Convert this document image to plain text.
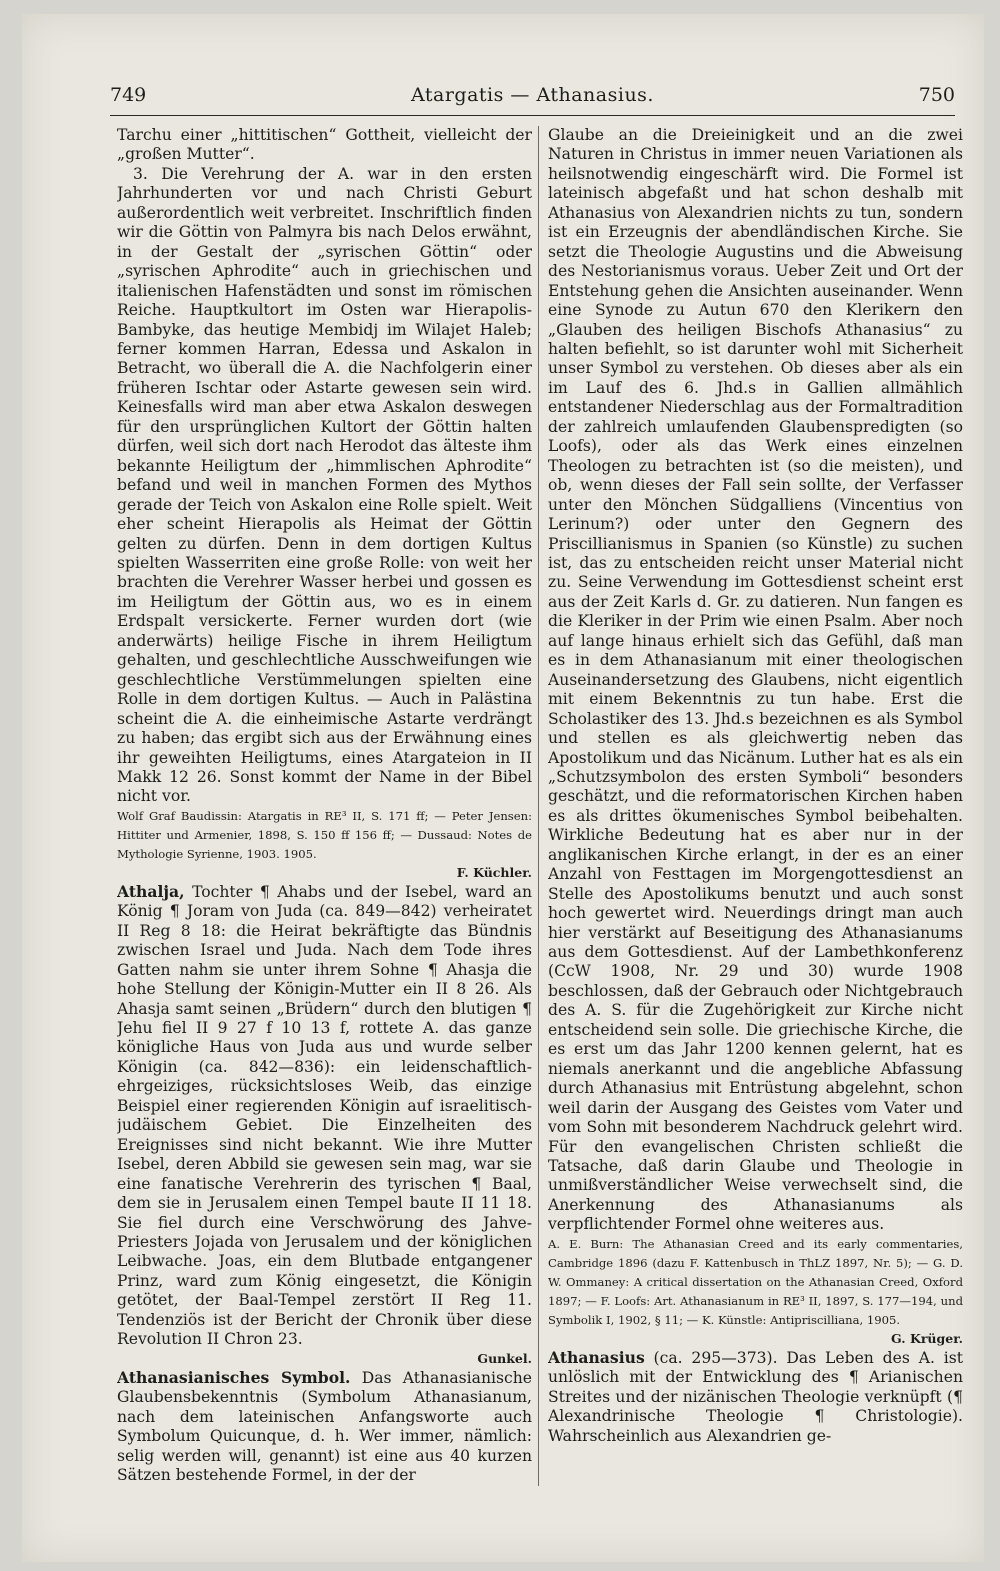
749	Atargatis — Athanasius.	750

Tarchu einer „hittitischen“ Gottheit, vielleicht der „großen Mutter“.

3. Die Verehrung der A. war in den ersten Jahrhunderten vor und nach Christi Geburt außerordentlich weit verbreitet. Inschriftlich finden wir die Göttin von Palmyra bis nach Delos erwähnt, in der Gestalt der „syrischen Göttin“ oder „syrischen Aphrodite“ auch in griechischen und italienischen Hafenstädten und sonst im römischen Reiche. Hauptkultort im Osten war Hierapolis-Bambyke, das heutige Membidj im Wilajet Haleb; ferner kommen Harran, Edessa und Askalon in Betracht, wo überall die A. die Nachfolgerin einer früheren Ischtar oder Astarte gewesen sein wird. Keinesfalls wird man aber etwa Askalon deswegen für den ursprünglichen Kultort der Göttin halten dürfen, weil sich dort nach Herodot das älteste ihm bekannte Heiligtum der „himmlischen Aphrodite“ befand und weil in manchen Formen des Mythos gerade der Teich von Askalon eine Rolle spielt. Weit eher scheint Hierapolis als Heimat der Göttin gelten zu dürfen. Denn in dem dortigen Kultus spielten Wasserriten eine große Rolle: von weit her brachten die Verehrer Wasser herbei und gossen es im Heiligtum der Göttin aus, wo es in einem Erdspalt versickerte. Ferner wurden dort (wie anderwärts) heilige Fische in ihrem Heiligtum gehalten, und geschlechtliche Ausschweifungen wie geschlechtliche Verstümmelungen spielten eine Rolle in dem dortigen Kultus. — Auch in Palästina scheint die A. die einheimische Astarte verdrängt zu haben; das ergibt sich aus der Erwähnung eines ihr geweihten Heiligtums, eines Atargateion in II Makk 12 26. Sonst kommt der Name in der Bibel nicht vor.

Wolf Graf Baudissin: Atargatis in RE³ II, S. 171 ff; — Peter Jensen: Hittiter und Armenier, 1898, S. 150 ff 156 ff; — Dussaud: Notes de Mythologie Syrienne, 1903. 1905.

F. Küchler.

Athalja, Tochter ¶ Ahabs und der Isebel, ward an König ¶ Joram von Juda (ca. 849—842) verheiratet II Reg 8 18: die Heirat bekräftigte das Bündnis zwischen Israel und Juda. Nach dem Tode ihres Gatten nahm sie unter ihrem Sohne ¶ Ahasja die hohe Stellung der Königin-Mutter ein II 8 26. Als Ahasja samt seinen „Brüdern“ durch den blutigen ¶ Jehu fiel II 9 27 f 10 13 f, rottete A. das ganze königliche Haus von Juda aus und wurde selber Königin (ca. 842—836): ein leidenschaftlich-ehrgeiziges, rücksichtsloses Weib, das einzige Beispiel einer regierenden Königin auf israelitisch-judäischem Gebiet. Die Einzelheiten des Ereignisses sind nicht bekannt. Wie ihre Mutter Isebel, deren Abbild sie gewesen sein mag, war sie eine fanatische Verehrerin des tyrischen ¶ Baal, dem sie in Jerusalem einen Tempel baute II 11 18. Sie fiel durch eine Verschwörung des Jahve-Priesters Jojada von Jerusalem und der königlichen Leibwache. Joas, ein dem Blutbade entgangener Prinz, ward zum König eingesetzt, die Königin getötet, der Baal-Tempel zerstört II Reg 11. Tendenziös ist der Bericht der Chronik über diese Revolution II Chron 23.

Gunkel.

Athanasianisches Symbol. Das Athanasianische Glaubensbekenntnis (Symbolum Athanasianum, nach dem lateinischen Anfangsworte auch Symbolum Quicunque, d. h. Wer immer, nämlich: selig werden will, genannt) ist eine aus 40 kurzen Sätzen bestehende Formel, in der der

Glaube an die Dreieinigkeit und an die zwei Naturen in Christus in immer neuen Variationen als heilsnotwendig eingeschärft wird. Die Formel ist lateinisch abgefaßt und hat schon deshalb mit Athanasius von Alexandrien nichts zu tun, sondern ist ein Erzeugnis der abendländischen Kirche. Sie setzt die Theologie Augustins und die Abweisung des Nestorianismus voraus. Ueber Zeit und Ort der Entstehung gehen die Ansichten auseinander. Wenn eine Synode zu Autun 670 den Klerikern den „Glauben des heiligen Bischofs Athanasius“ zu halten befiehlt, so ist darunter wohl mit Sicherheit unser Symbol zu verstehen. Ob dieses aber als ein im Lauf des 6. Jhd.s in Gallien allmählich entstandener Niederschlag aus der Formaltradition der zahlreich umlaufenden Glaubenspredigten (so Loofs), oder als das Werk eines einzelnen Theologen zu betrachten ist (so die meisten), und ob, wenn dieses der Fall sein sollte, der Verfasser unter den Mönchen Südgalliens (Vincentius von Lerinum?) oder unter den Gegnern des Priscillianismus in Spanien (so Künstle) zu suchen ist, das zu entscheiden reicht unser Material nicht zu. Seine Verwendung im Gottesdienst scheint erst aus der Zeit Karls d. Gr. zu datieren. Nun fangen es die Kleriker in der Prim wie einen Psalm. Aber noch auf lange hinaus erhielt sich das Gefühl, daß man es in dem Athanasianum mit einer theologischen Auseinandersetzung des Glaubens, nicht eigentlich mit einem Bekenntnis zu tun habe. Erst die Scholastiker des 13. Jhd.s bezeichnen es als Symbol und stellen es als gleichwertig neben das Apostolikum und das Nicänum. Luther hat es als ein „Schutzsymbolon des ersten Symboli“ besonders geschätzt, und die reformatorischen Kirchen haben es als drittes ökumenisches Symbol beibehalten. Wirkliche Bedeutung hat es aber nur in der anglikanischen Kirche erlangt, in der es an einer Anzahl von Festtagen im Morgengottesdienst an Stelle des Apostolikums benutzt und auch sonst hoch gewertet wird. Neuerdings dringt man auch hier verstärkt auf Beseitigung des Athanasianums aus dem Gottesdienst. Auf der Lambethkonferenz (CcW 1908, Nr. 29 und 30) wurde 1908 beschlossen, daß der Gebrauch oder Nichtgebrauch des A. S. für die Zugehörigkeit zur Kirche nicht entscheidend sein solle. Die griechische Kirche, die es erst um das Jahr 1200 kennen gelernt, hat es niemals anerkannt und die angebliche Abfassung durch Athanasius mit Entrüstung abgelehnt, schon weil darin der Ausgang des Geistes vom Vater und vom Sohn mit besonderem Nachdruck gelehrt wird. Für den evangelischen Christen schließt die Tatsache, daß darin Glaube und Theologie in unmißverständlicher Weise verwechselt sind, die Anerkennung des Athanasianums als verpflichtender Formel ohne weiteres aus.

A. E. Burn: The Athanasian Creed and its early commentaries, Cambridge 1896 (dazu F. Kattenbusch in ThLZ 1897, Nr. 5); — G. D. W. Ommaney: A critical dissertation on the Athanasian Creed, Oxford 1897; — F. Loofs: Art. Athanasianum in RE³ II, 1897, S. 177—194, und Symbolik I, 1902, § 11; — K. Künstle: Antipriscilliana, 1905.

G. Krüger.

Athanasius (ca. 295—373). Das Leben des A. ist unlöslich mit der Entwicklung des ¶ Arianischen Streites und der nizänischen Theologie verknüpft (¶ Alexandrinische Theologie ¶ Christologie). Wahrscheinlich aus Alexandrien ge-
